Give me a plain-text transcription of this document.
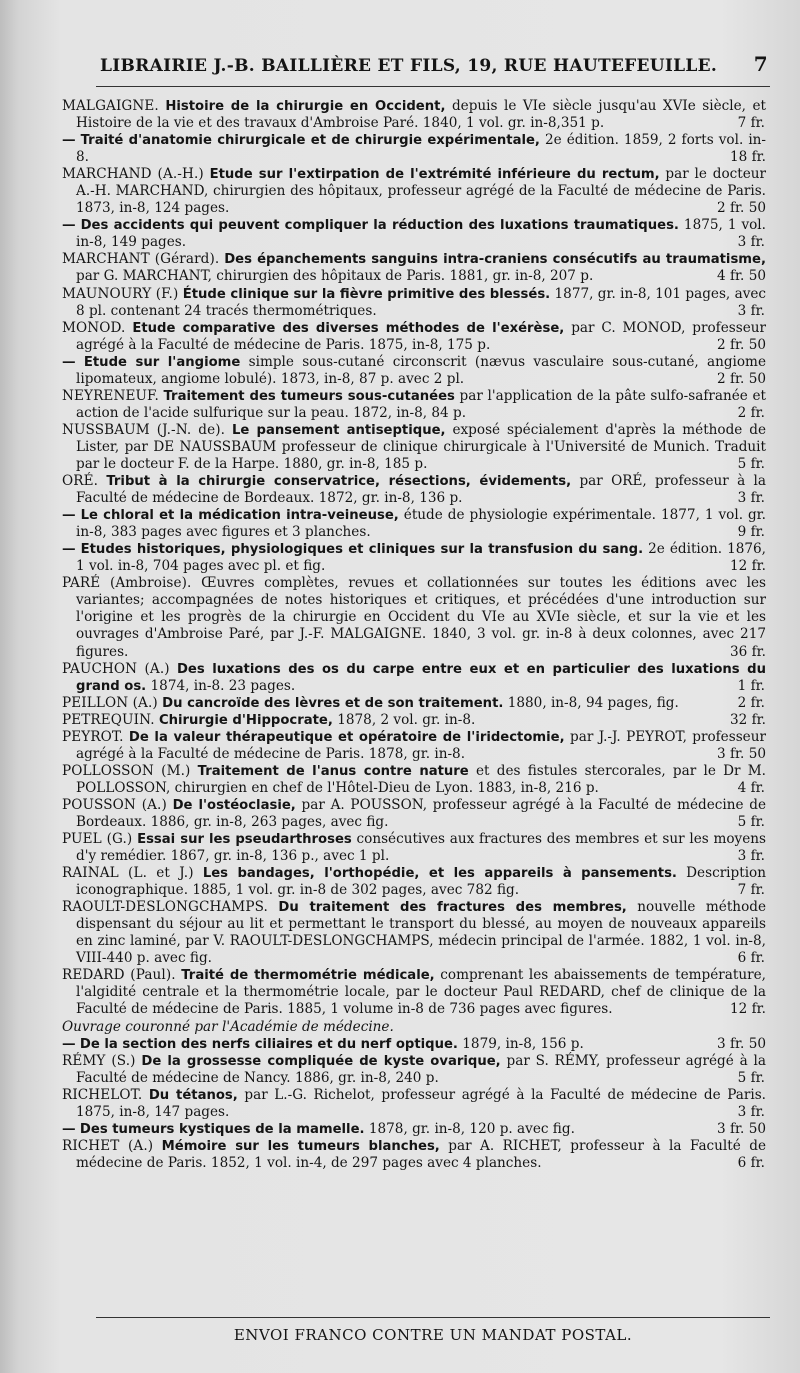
LIBRAIRIE J.-B. BAILLIÈRE ET FILS, 19, RUE HAUTEFEUILLE. 7

MALGAIGNE. Histoire de la chirurgie en Occident, depuis le VIe siècle jusqu'au XVIe siècle, et Histoire de la vie et des travaux d'Ambroise Paré. 1840, 1 vol. gr. in-8,351 p.	7 fr.

— Traité d'anatomie chirurgicale et de chirurgie expérimentale, 2e édition. 1859, 2 forts vol. in-8.	18 fr.

MARCHAND (A.-H.) Etude sur l'extirpation de l'extrémité inférieure du rectum, par le docteur A.-H. MARCHAND, chirurgien des hôpitaux, professeur agrégé de la Faculté de médecine de Paris. 1873, in-8, 124 pages.	2 fr. 50

— Des accidents qui peuvent compliquer la réduction des luxations traumatiques. 1875, 1 vol. in-8, 149 pages.	3 fr.

MARCHANT (Gérard). Des épanchements sanguins intra-craniens consécutifs au traumatisme, par G. MARCHANT, chirurgien des hôpitaux de Paris. 1881, gr. in-8, 207 p.	4 fr. 50

MAUNOURY (F.) Étude clinique sur la fièvre primitive des blessés. 1877, gr. in-8, 101 pages, avec 8 pl. contenant 24 tracés thermométriques.	3 fr.

MONOD. Etude comparative des diverses méthodes de l'exérèse, par C. MONOD, professeur agrégé à la Faculté de médecine de Paris. 1875, in-8, 175 p.	2 fr. 50

— Etude sur l'angiome simple sous-cutané circonscrit (nævus vasculaire sous-cutané, angiome lipomateux, angiome lobulé). 1873, in-8, 87 p. avec 2 pl.	2 fr. 50

NEYRENEUF. Traitement des tumeurs sous-cutanées par l'application de la pâte sulfo-safranée et action de l'acide sulfurique sur la peau. 1872, in-8, 84 p.	2 fr.

NUSSBAUM (J.-N. de). Le pansement antiseptique, exposé spécialement d'après la méthode de Lister, par DE NAUSSBAUM professeur de clinique chirurgicale à l'Université de Munich. Traduit par le docteur F. de la Harpe. 1880, gr. in-8, 185 p.	5 fr.

ORÉ. Tribut à la chirurgie conservatrice, résections, évidements, par ORÉ, professeur à la Faculté de médecine de Bordeaux. 1872, gr. in-8, 136 p.	3 fr.

— Le chloral et la médication intra-veineuse, étude de physiologie expérimentale. 1877, 1 vol. gr. in-8, 383 pages avec figures et 3 planches.	9 fr.

— Etudes historiques, physiologiques et cliniques sur la transfusion du sang. 2e édition. 1876, 1 vol. in-8, 704 pages avec pl. et fig.	12 fr.

PARÉ (Ambroise). Œuvres complètes, revues et collationnées sur toutes les éditions avec les variantes; accompagnées de notes historiques et critiques, et précédées d'une introduction sur l'origine et les progrès de la chirurgie en Occident du VIe au XVIe siècle, et sur la vie et les ouvrages d'Ambroise Paré, par J.-F. MALGAIGNE. 1840, 3 vol. gr. in-8 à deux colonnes, avec 217 figures.	36 fr.

PAUCHON (A.) Des luxations des os du carpe entre eux et en particulier des luxations du grand os. 1874, in-8. 23 pages.	1 fr.

PEILLON (A.) Du cancroïde des lèvres et de son traitement. 1880, in-8, 94 pages, fig.	2 fr.

PETREQUIN. Chirurgie d'Hippocrate, 1878, 2 vol. gr. in-8.	32 fr.

PEYROT. De la valeur thérapeutique et opératoire de l'iridectomie, par J.-J. PEYROT, professeur agrégé à la Faculté de médecine de Paris. 1878, gr. in-8.	3 fr. 50

POLLOSSON (M.) Traitement de l'anus contre nature et des fistules stercorales, par le Dr M. POLLOSSON, chirurgien en chef de l'Hôtel-Dieu de Lyon. 1883, in-8, 216 p.	4 fr.

POUSSON (A.) De l'ostéoclasie, par A. POUSSON, professeur agrégé à la Faculté de médecine de Bordeaux. 1886, gr. in-8, 263 pages, avec fig.	5 fr.

PUEL (G.) Essai sur les pseudarthroses consécutives aux fractures des membres et sur les moyens d'y remédier. 1867, gr. in-8, 136 p., avec 1 pl.	3 fr.

RAINAL (L. et J.) Les bandages, l'orthopédie, et les appareils à pansements. Description iconographique. 1885, 1 vol. gr. in-8 de 302 pages, avec 782 fig.	7 fr.

RAOULT-DESLONGCHAMPS. Du traitement des fractures des membres, nouvelle méthode dispensant du séjour au lit et permettant le transport du blessé, au moyen de nouveaux appareils en zinc laminé, par V. RAOULT-DESLONGCHAMPS, médecin principal de l'armée. 1882, 1 vol. in-8, VIII-440 p. avec fig.	6 fr.

REDARD (Paul). Traité de thermométrie médicale, comprenant les abaissements de température, l'algidité centrale et la thermométrie locale, par le docteur Paul REDARD, chef de clinique de la Faculté de médecine de Paris. 1885, 1 volume in-8 de 736 pages avec figures.	12 fr.

Ouvrage couronné par l'Académie de médecine.

— De la section des nerfs ciliaires et du nerf optique. 1879, in-8, 156 p.	3 fr. 50

RÉMY (S.) De la grossesse compliquée de kyste ovarique, par S. RÉMY, professeur agrégé à la Faculté de médecine de Nancy. 1886, gr. in-8, 240 p.	5 fr.

RICHELOT. Du tétanos, par L.-G. Richelot, professeur agrégé à la Faculté de médecine de Paris. 1875, in-8, 147 pages.	3 fr.

— Des tumeurs kystiques de la mamelle. 1878, gr. in-8, 120 p. avec fig.	3 fr. 50

RICHET (A.) Mémoire sur les tumeurs blanches, par A. RICHET, professeur à la Faculté de médecine de Paris. 1852, 1 vol. in-4, de 297 pages avec 4 planches.	6 fr.

ENVOI FRANCO CONTRE UN MANDAT POSTAL.
